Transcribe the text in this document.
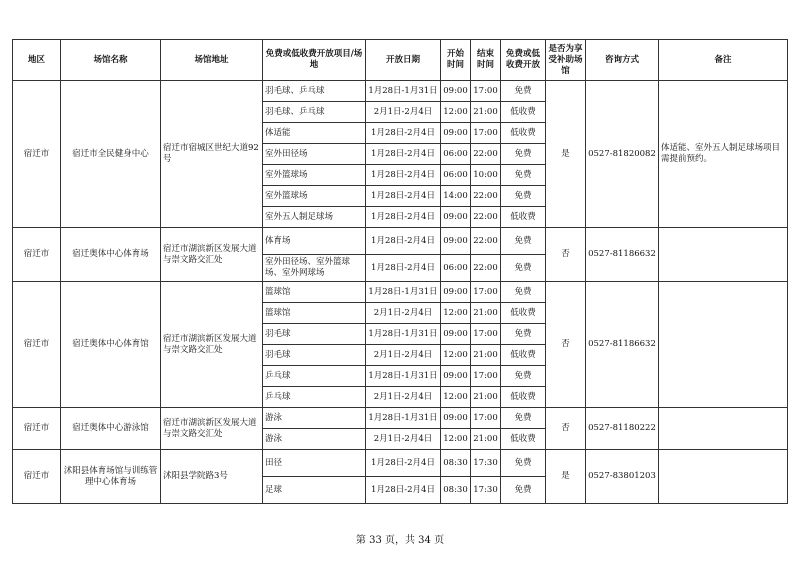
地区	场馆名称	场馆地址	免费或低收费开放项目/场地	开放日期	开始时间	结束时间	免费或低收费开放	是否为享受补助场馆	咨询方式	备注
宿迁市	宿迁市全民健身中心	宿迁市宿城区世纪大道92号	羽毛球、乒乓球	1月28日-1月31日	09:00	17:00	免费	是	0527-81820082	体适能、室外五人制足球场项目需提前预约。
			羽毛球、乒乓球	2月1日-2月4日	12:00	21:00	低收费			
			体适能	1月28日-2月4日	09:00	17:00	低收费			
			室外田径场	1月28日-2月4日	06:00	22:00	免费			
			室外篮球场	1月28日-2月4日	06:00	10:00	免费			
			室外篮球场	1月28日-2月4日	14:00	22:00	免费			
			室外五人制足球场	1月28日-2月4日	09:00	22:00	低收费			
宿迁市	宿迁奥体中心体育场	宿迁市湖滨新区发展大道与崇文路交汇处	体育场	1月28日-2月4日	09:00	22:00	免费	否	0527-81186632	
			室外田径场、室外篮球场、室外网球场	1月28日-2月4日	06:00	22:00	免费			
宿迁市	宿迁奥体中心体育馆	宿迁市湖滨新区发展大道与崇文路交汇处	篮球馆	1月28日-1月31日	09:00	17:00	免费	否	0527-81186632	
			篮球馆	2月1日-2月4日	12:00	21:00	低收费			
			羽毛球	1月28日-1月31日	09:00	17:00	免费			
			羽毛球	2月1日-2月4日	12:00	21:00	低收费			
			乒乓球	1月28日-1月31日	09:00	17:00	免费			
			乒乓球	2月1日-2月4日	12:00	21:00	低收费			
宿迁市	宿迁奥体中心游泳馆	宿迁市湖滨新区发展大道与崇文路交汇处	游泳	1月28日-1月31日	09:00	17:00	免费	否	0527-81180222	
			游泳	2月1日-2月4日	12:00	21:00	低收费			
宿迁市	沭阳县体育场馆与训练管理中心体育场	沭阳县学院路3号	田径	1月28日-2月4日	08:30	17:30	免费	是	0527-83801203	
			足球	1月28日-2月4日	08:30	17:30	免费			
第 33 页，共 34 页
